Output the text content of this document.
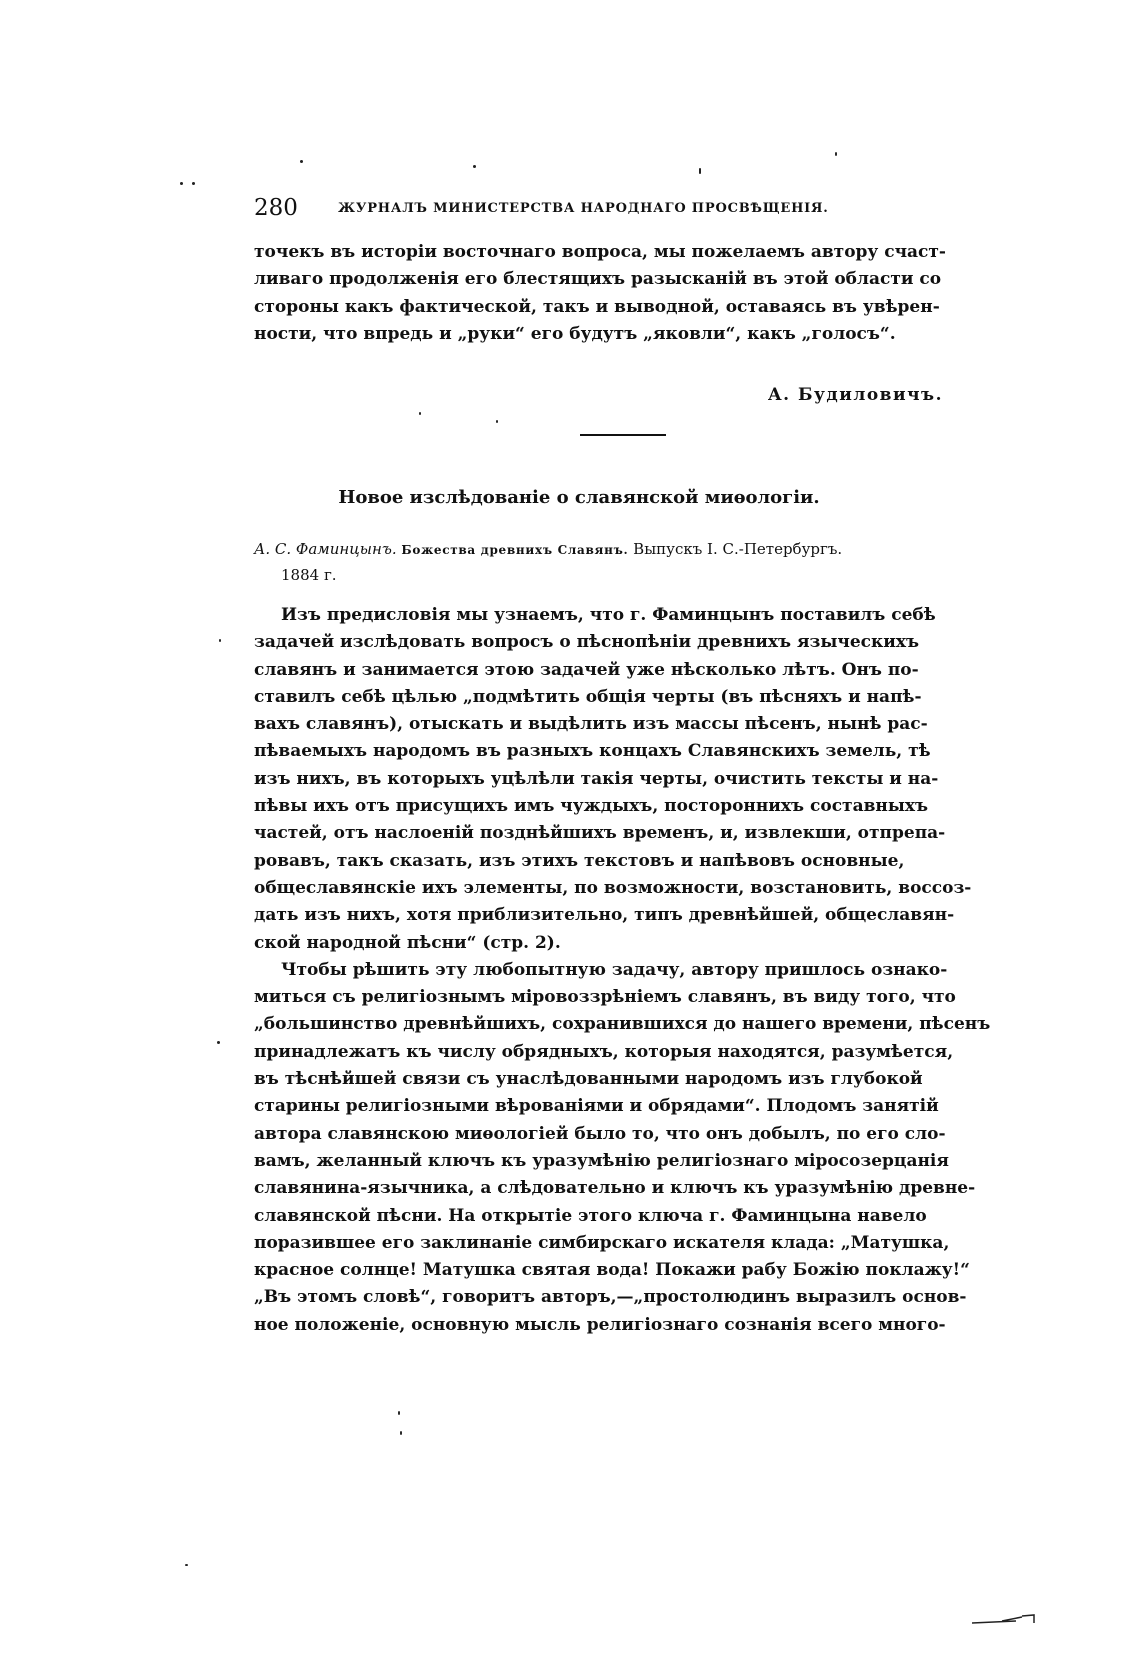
280	ЖУРНАЛЪ МИНИСТЕРСТВА НАРОДНАГО ПРОСВѢЩЕНІЯ.
точекъ въ исторіи восточнаго вопроса, мы пожелаемъ автору счаст-
ливаго продолженія его блестящихъ разысканій въ этой области со
стороны какъ фактической, такъ и выводной, оставаясь въ увѣрен-
ности, что впредь и „руки“ его будутъ „яковли“, какъ „голосъ“.
А. Будиловичъ.
Новое изслѣдованіе о славянской миѳологіи.
А. С. Фаминцынъ. Божества древнихъ Славянъ. Выпускъ I. С.-Петербургъ.
1884 г.
Изъ предисловія мы узнаемъ, что г. Фаминцынъ поставилъ себѣ
задачей изслѣдовать вопросъ о пѣснопѣніи древнихъ языческихъ
славянъ и занимается этою задачей уже нѣсколько лѣтъ. Онъ по-
ставилъ себѣ цѣлью „подмѣтить общія черты (въ пѣсняхъ и напѣ-
вахъ славянъ), отыскать и выдѣлить изъ массы пѣсенъ, нынѣ рас-
пѣваемыхъ народомъ въ разныхъ концахъ Славянскихъ земель, тѣ
изъ нихъ, въ которыхъ уцѣлѣли такія черты, очистить тексты и на-
пѣвы ихъ отъ присущихъ имъ чуждыхъ, постороннихъ составныхъ
частей, отъ наслоеній позднѣйшихъ временъ, и, извлекши, отпрепа-
ровавъ, такъ сказать, изъ этихъ текстовъ и напѣвовъ основные,
общеславянскіе ихъ элементы, по возможности, возстановить, воссоз-
дать изъ нихъ, хотя приблизительно, типъ древнѣйшей, общеславян-
ской народной пѣсни“ (стр. 2).
Чтобы рѣшить эту любопытную задачу, автору пришлось ознако-
миться съ религіознымъ міровоззрѣніемъ славянъ, въ виду того, что
„большинство древнѣйшихъ, сохранившихся до нашего времени, пѣсенъ
принадлежатъ къ числу обрядныхъ, которыя находятся, разумѣется,
въ тѣснѣйшей связи съ унаслѣдованными народомъ изъ глубокой
старины религіозными вѣрованіями и обрядами“. Плодомъ занятій
автора славянскою миѳологіей было то, что онъ добылъ, по его сло-
вамъ, желанный ключъ къ уразумѣнію религіознаго міросозерцанія
славянина-язычника, а слѣдовательно и ключъ къ уразумѣнію древне-
славянской пѣсни. На открытіе этого ключа г. Фаминцына навело
поразившее его заклинаніе симбирскаго искателя клада: „Матушка,
красное солнце! Матушка святая вода! Покажи рабу Божію поклажу!“
„Въ этомъ словѣ“, говоритъ авторъ,—„простолюдинъ выразилъ основ-
ное положеніе, основную мысль религіознаго сознанія всего много-
